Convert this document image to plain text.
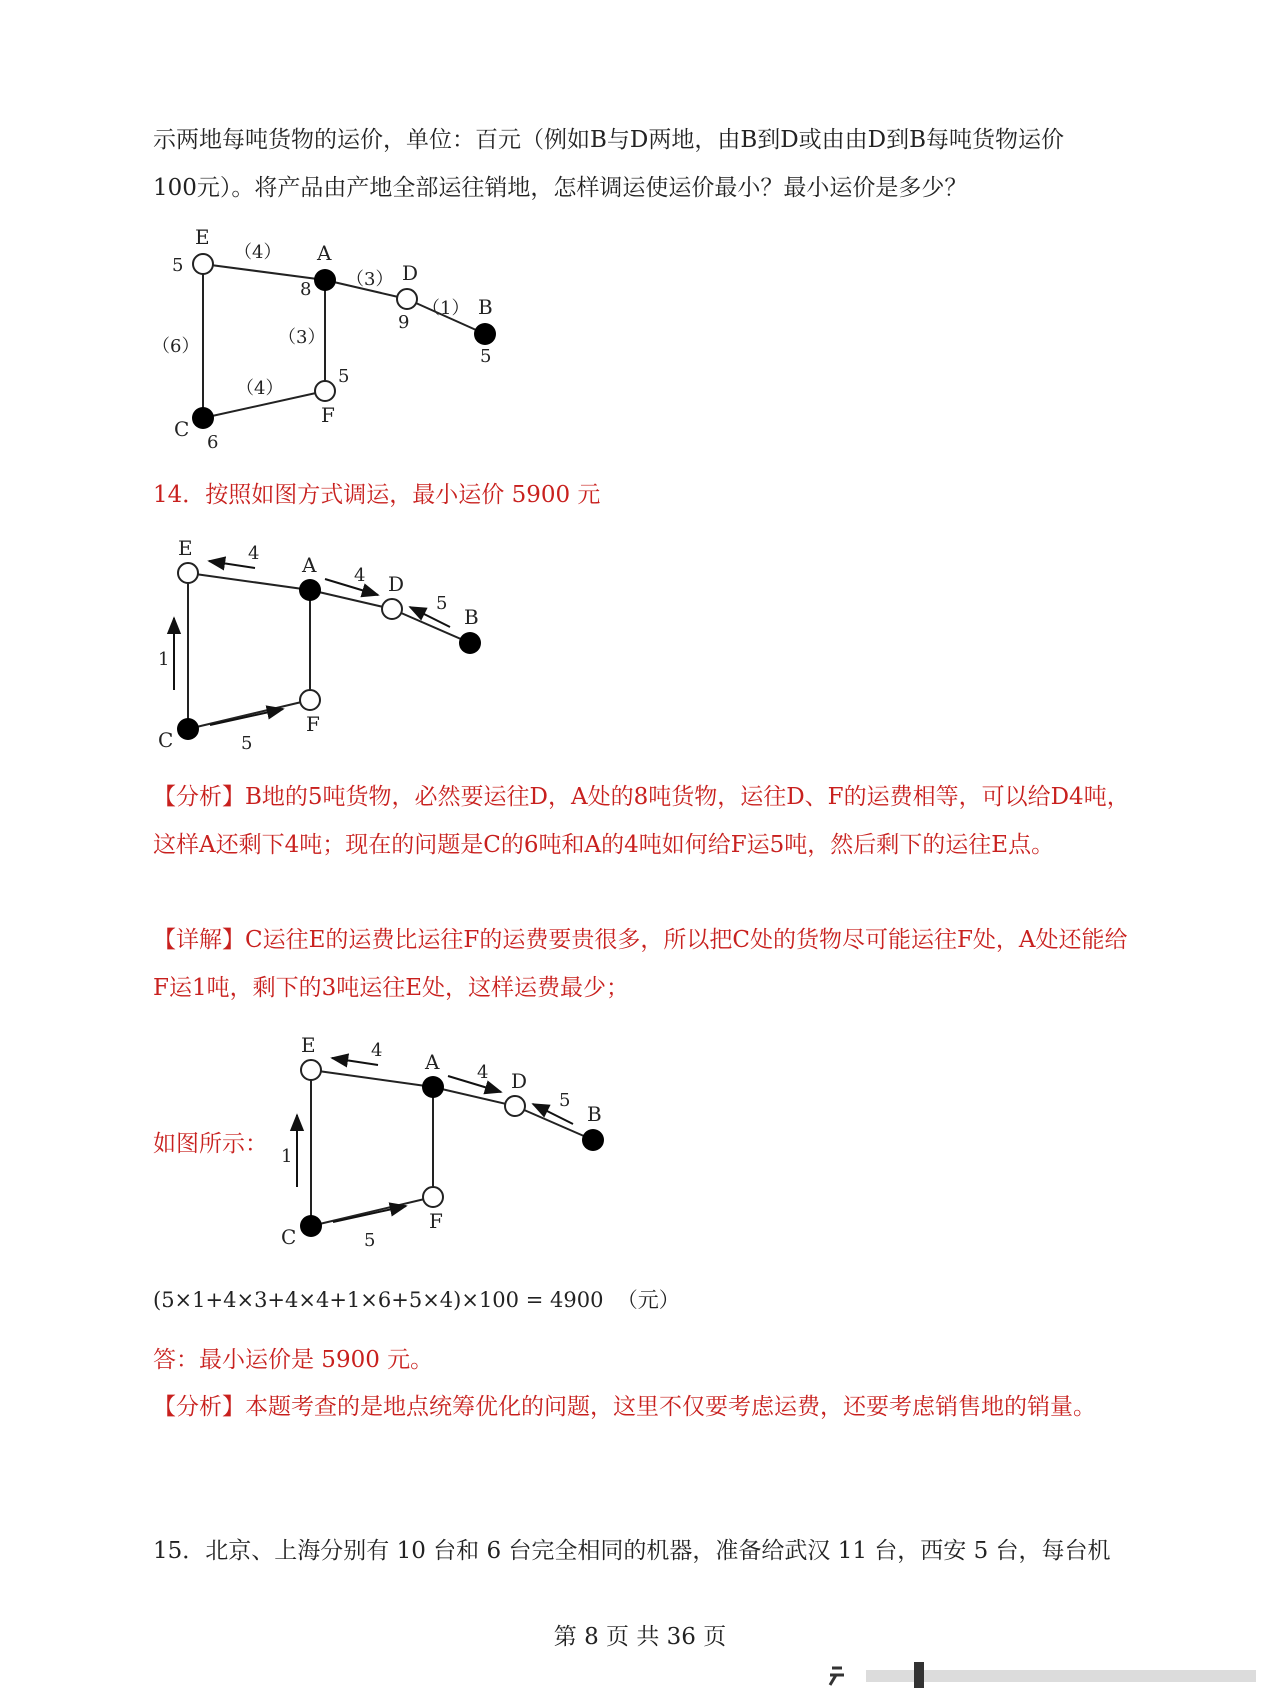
示两地每吨货物的运价，单位：百元（例如B与D两地，由B到D或由由D到B每吨货物运价
100元）。将产品由产地全部运往销地，怎样调运使运价最小？最小运价是多少？
E
A
D
B
C
F
5
8
9
5
6
5
（4）
（3）
（1）
（6）	（3）
（4）
14．按照如图方式调运，最小运价 5900 元
E
A
D
B
C
F
4
4
5
1
5

【分析】B地的5吨货物，必然要运往D，A处的8吨货物，运往D、F的运费相等，可以给D4吨，这样A还剩下4吨；现在的问题是C的6吨和A的4吨如何给F运5吨，然后剩下的运往E点。

【详解】C运往E的运费比运往F的运费要贵很多，所以把C处的货物尽可能运往F处，A处还能给F运1吨，剩下的3吨运往E处，这样运费最少；

如图所示：
E
A
D
B
C
F
4
4
5
1
5
(5×1+4×3+4×4+1×6+5×4)×100 = 4900 （元）
答：最小运价是 5900 元。
【分析】本题考查的是地点统筹优化的问题，这里不仅要考虑运费，还要考虑销售地的销量。
15．北京、上海分别有 10 台和 6 台完全相同的机器，准备给武汉 11 台，西安 5 台，每台机
第 8 页 共 36 页
